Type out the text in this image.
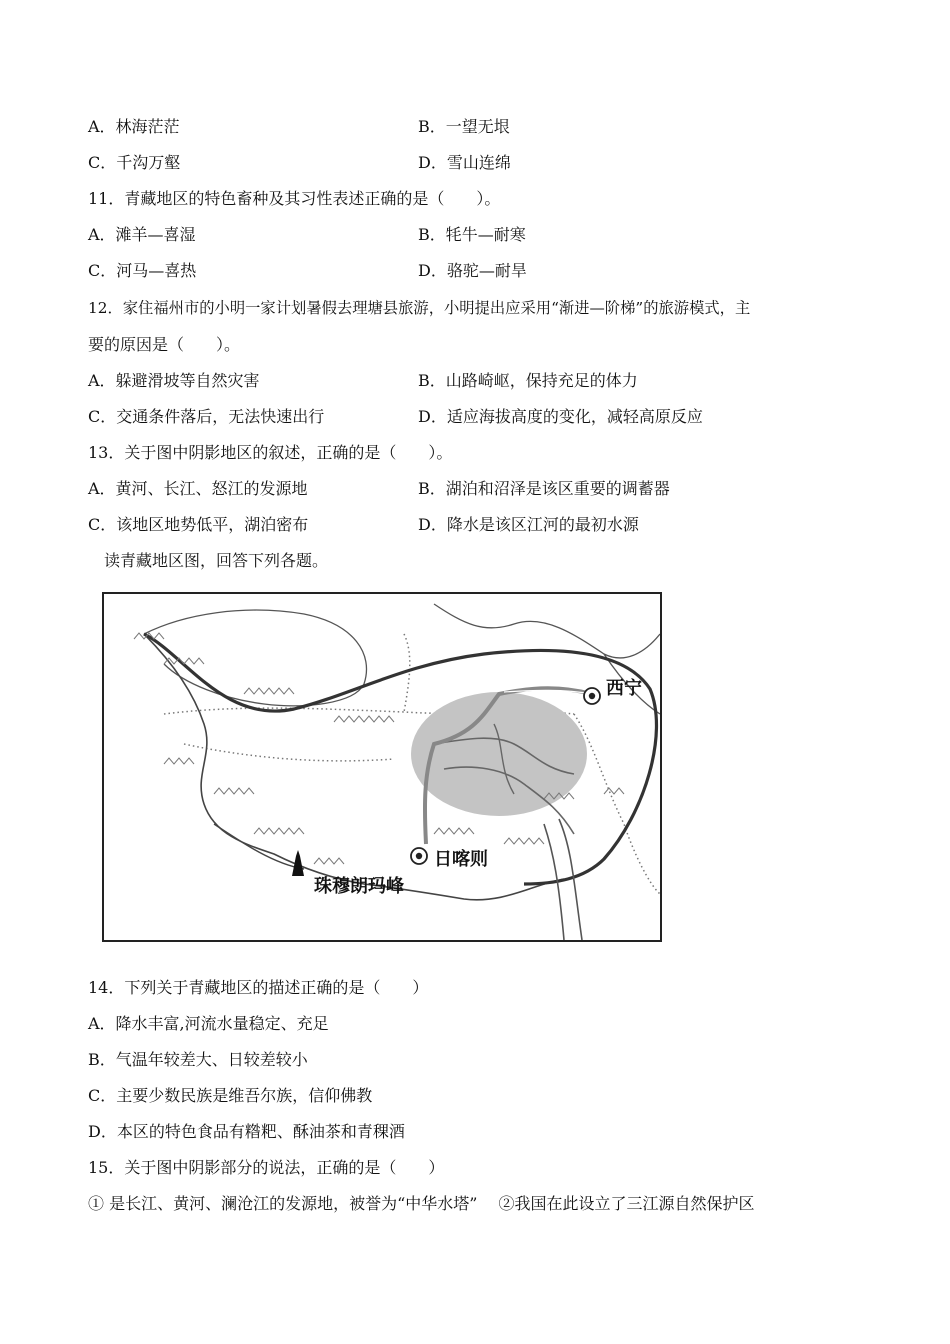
A．林海茫茫	B．一望无垠
C．千沟万壑	D．雪山连绵
11．青藏地区的特色畜种及其习性表述正确的是（　　）。
A．滩羊—喜湿	B．牦牛—耐寒
C．河马—喜热	D．骆驼—耐旱
12．家住福州市的小明一家计划暑假去理塘县旅游，小明提出应采用“渐进—阶梯”的旅游模式，主
要的原因是（　　）。
A．躲避滑坡等自然灾害	B．山路崎岖，保持充足的体力
C．交通条件落后，无法快速出行	D．适应海拔高度的变化，减轻高原反应
13．关于图中阴影地区的叙述，正确的是（　　）。
A．黄河、长江、怒江的发源地	B．湖泊和沼泽是该区重要的调蓄器
C．该地区地势低平，湖泊密布	D．降水是该区江河的最初水源
读青藏地区图，回答下列各题。
西宁
日喀则
珠穆朗玛峰
14．下列关于青藏地区的描述正确的是（　　）
A．降水丰富,河流水量稳定、充足
B．气温年较差大、日较差较小
C．主要少数民族是维吾尔族，信仰佛教
D．本区的特色食品有糌粑、酥油茶和青稞酒
15．关于图中阴影部分的说法，正确的是（　　）
① 是长江、黄河、澜沧江的发源地，被誉为“中华水塔”　 ②我国在此设立了三江源自然保护区
